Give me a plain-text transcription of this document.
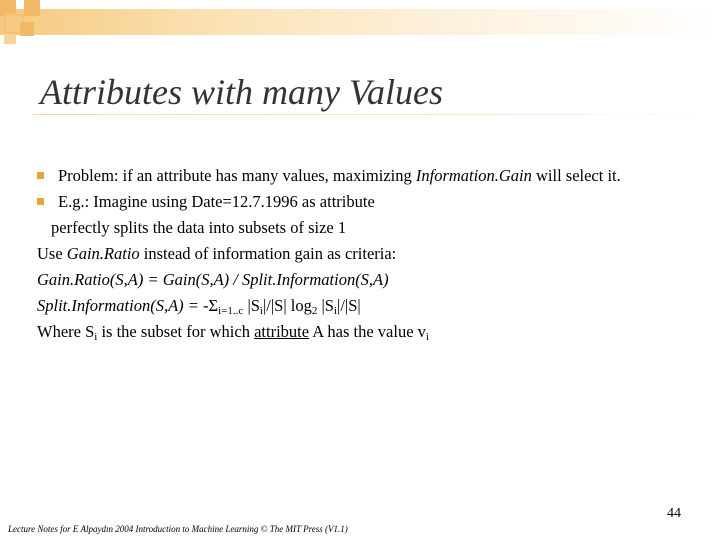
Attributes with many Values
Problem: if an attribute has many values, maximizing Information.Gain will select it.
E.g.: Imagine using Date=12.7.1996 as attribute
perfectly splits the data into subsets of size 1
Use Gain.Ratio instead of information gain as criteria:
Gain.Ratio(S,A) = Gain(S,A) / Split.Information(S,A)
Split.Information(S,A) = $-\Sigma_{i=1..c}$ $|S_i|/|S|$ $\log_2 |S_i|/|S|$
Where $S_i$ is the subset for which attribute A has the value $v_i$
44
Lecture Notes for E Alpaydın 2004 Introduction to Machine Learning © The MIT Press (V1.1)
